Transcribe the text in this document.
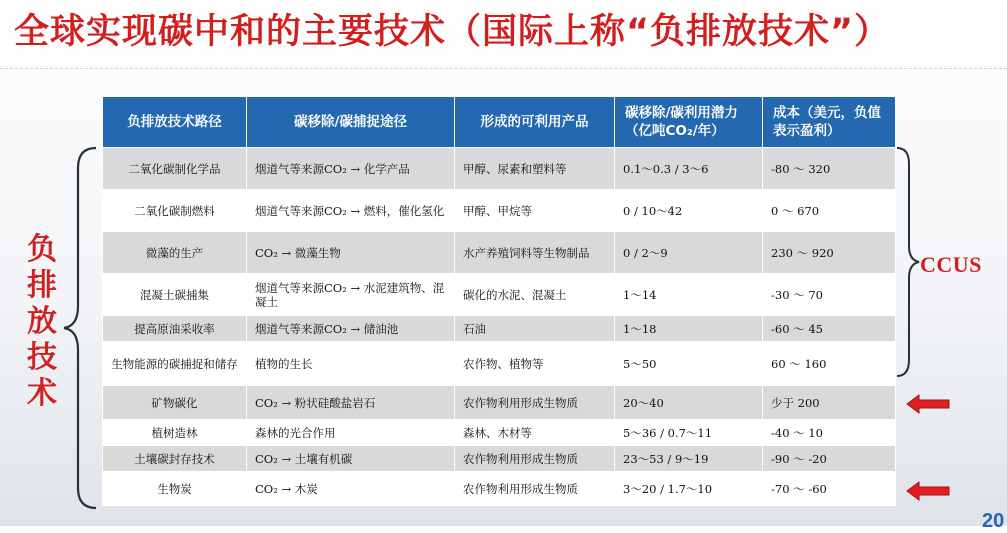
全球实现碳中和的主要技术（国际上称“负排放技术”）
负
排
放
技
术
CCUS
负排放技术路径	碳移除/碳捕捉途径	形成的可利用产品	碳移除/碳利用潜力（亿吨CO₂/年）	成本（美元，负值表示盈利）
二氧化碳制化学品	烟道气等来源CO₂ → 化学产品	甲醇、尿素和塑料等	0.1～0.3 / 3～6	-80 ～ 320
二氧化碳制燃料	烟道气等来源CO₂ → 燃料，催化氢化	甲醇、甲烷等	0 / 10～42	0 ～ 670
微藻的生产	CO₂ → 微藻生物	水产养殖饲料等生物制品	0 / 2～9	230 ～ 920
混凝土碳捕集	烟道气等来源CO₂ → 水泥建筑物、混凝土	碳化的水泥、混凝土	1～14	-30 ～ 70
提高原油采收率	烟道气等来源CO₂ → 储油池	石油	1～18	-60 ～ 45
生物能源的碳捕捉和储存	植物的生长	农作物、植物等	5～50	60 ～ 160
矿物碳化	CO₂ → 粉状硅酸盐岩石	农作物利用形成生物质	20～40	少于 200
植树造林	森林的光合作用	森林、木材等	5～36 / 0.7～11	-40 ～ 10
土壤碳封存技术	CO₂ → 土壤有机碳	农作物利用形成生物质	23～53 / 9～19	-90 ～ -20
生物炭	CO₂ → 木炭	农作物利用形成生物质	3～20 / 1.7～10	-70 ～ -60
20
